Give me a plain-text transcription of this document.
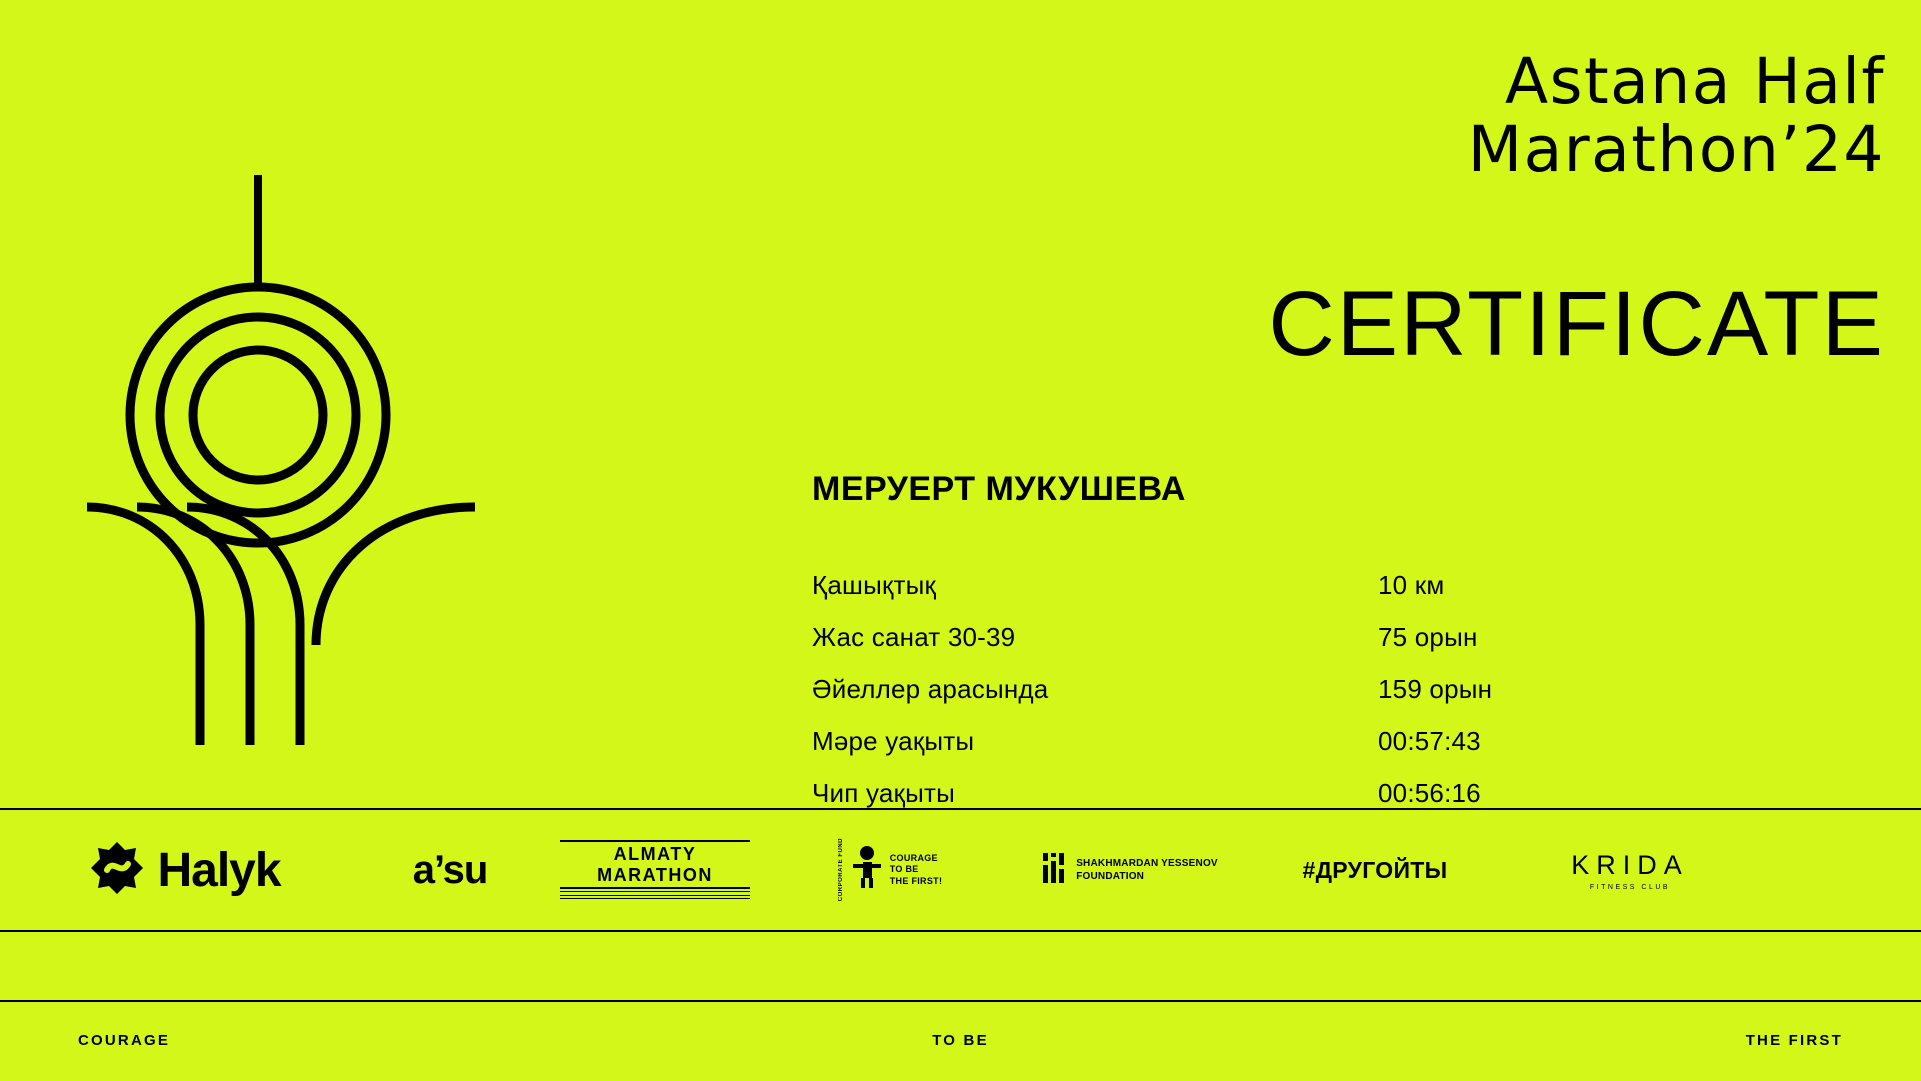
Astana Half
Marathon’24
CERTIFICATE
МЕРУЕРТ МУКУШЕВА
Қашықтық	10 км
Жас санат 30-39	75 орын
Әйеллер арасында	159 орын
Мәре уақыты	00:57:43
Чип уақыты	00:56:16
Halyk	a’su	ALMATY
MARATHON	CORPORATE FUND	COURAGE
TO BE
THE FIRST!
SHAKHMARDAN YESSENOV
FOUNDATION	#ДРУГОЙТЫ	KRIDA
FITNESS CLUB
COURAGE	TO BE	THE FIRST
